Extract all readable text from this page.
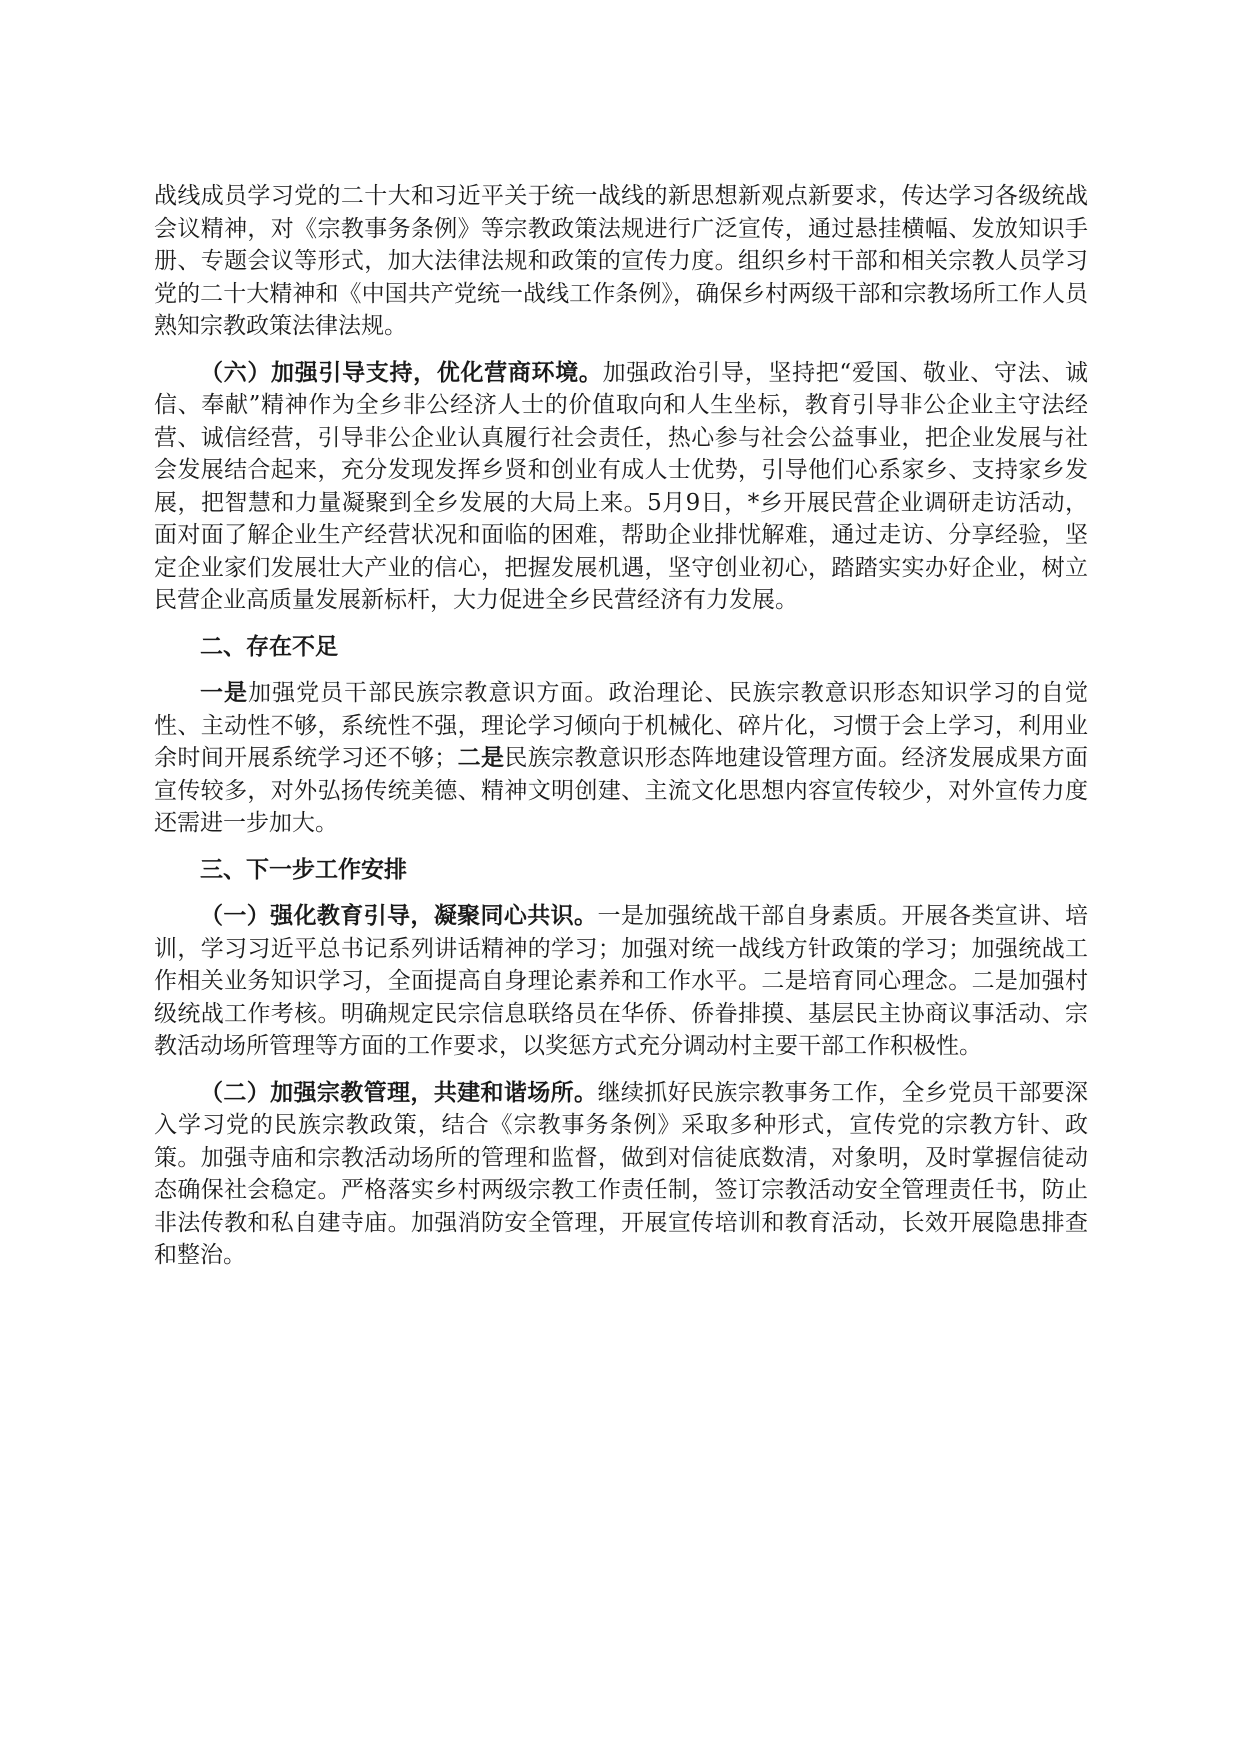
战线成员学习党的二十大和习近平关于统一战线的新思想新观点新要求，传达学习各级统战会议精神，对《宗教事务条例》等宗教政策法规进行广泛宣传，通过悬挂横幅、发放知识手册、专题会议等形式，加大法律法规和政策的宣传力度。组织乡村干部和相关宗教人员学习党的二十大精神和《中国共产党统一战线工作条例》，确保乡村两级干部和宗教场所工作人员熟知宗教政策法律法规。

（六）加强引导支持，优化营商环境。加强政治引导，坚持把“爱国、敬业、守法、诚信、奉献”精神作为全乡非公经济人士的价值取向和人生坐标，教育引导非公企业主守法经营、诚信经营，引导非公企业认真履行社会责任，热心参与社会公益事业，把企业发展与社会发展结合起来，充分发现发挥乡贤和创业有成人士优势，引导他们心系家乡、支持家乡发展，把智慧和力量凝聚到全乡发展的大局上来。5月9日，*乡开展民营企业调研走访活动，面对面了解企业生产经营状况和面临的困难，帮助企业排忧解难，通过走访、分享经验，坚定企业家们发展壮大产业的信心，把握发展机遇，坚守创业初心，踏踏实实办好企业，树立民营企业高质量发展新标杆，大力促进全乡民营经济有力发展。

二、存在不足

一是加强党员干部民族宗教意识方面。政治理论、民族宗教意识形态知识学习的自觉性、主动性不够，系统性不强，理论学习倾向于机械化、碎片化，习惯于会上学习，利用业余时间开展系统学习还不够；二是民族宗教意识形态阵地建设管理方面。经济发展成果方面宣传较多，对外弘扬传统美德、精神文明创建、主流文化思想内容宣传较少，对外宣传力度还需进一步加大。

三、下一步工作安排

（一）强化教育引导，凝聚同心共识。一是加强统战干部自身素质。开展各类宣讲、培训，学习习近平总书记系列讲话精神的学习；加强对统一战线方针政策的学习；加强统战工作相关业务知识学习，全面提高自身理论素养和工作水平。二是培育同心理念。二是加强村级统战工作考核。明确规定民宗信息联络员在华侨、侨眷排摸、基层民主协商议事活动、宗教活动场所管理等方面的工作要求，以奖惩方式充分调动村主要干部工作积极性。

（二）加强宗教管理，共建和谐场所。继续抓好民族宗教事务工作，全乡党员干部要深入学习党的民族宗教政策，结合《宗教事务条例》采取多种形式，宣传党的宗教方针、政策。加强寺庙和宗教活动场所的管理和监督，做到对信徒底数清，对象明，及时掌握信徒动态确保社会稳定。严格落实乡村两级宗教工作责任制，签订宗教活动安全管理责任书，防止非法传教和私自建寺庙。加强消防安全管理，开展宣传培训和教育活动，长效开展隐患排查和整治。
